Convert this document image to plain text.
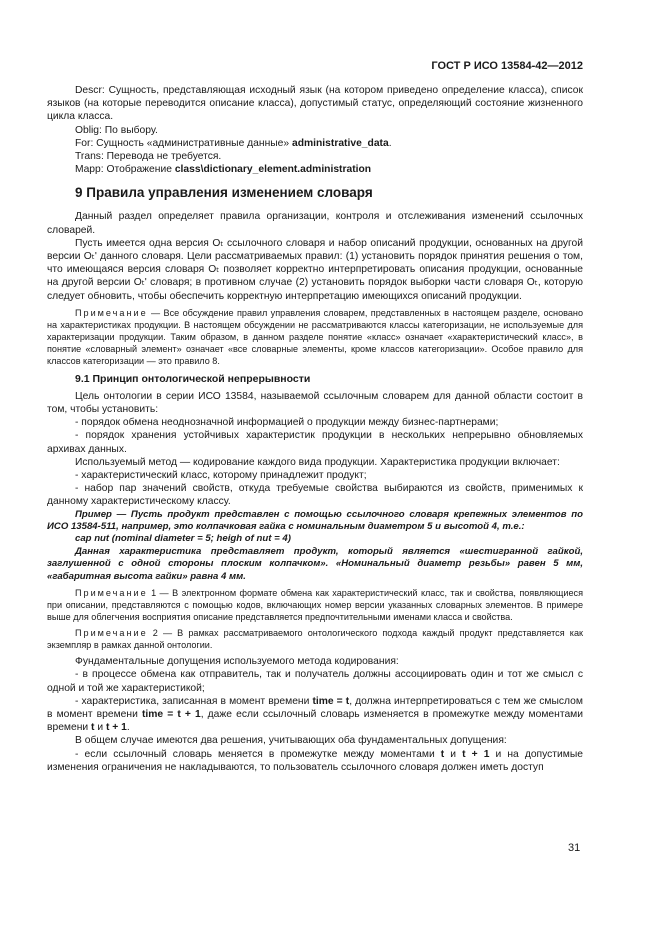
ГОСТ Р ИСО 13584-42—2012

Descr: Сущность, представляющая исходный язык (на котором приведено определение класса), список языков (на которые переводится описание класса), допустимый статус, определяющий состояние жизненного цикла класса.

Oblig: По выбору.

For: Сущность «административные данные» administrative_data.

Trans: Перевода не требуется.

Mapp: Отображение class\dictionary_element.administration

9 Правила управления изменением словаря

Данный раздел определяет правила организации, контроля и отслеживания изменений ссылочных словарей.

Пусть имеется одна версия Oₜ ссылочного словаря и набор описаний продукции, основанных на другой версии Oₜ' данного словаря. Цели рассматриваемых правил: (1) установить порядок принятия решения о том, что имеющаяся версия словаря Oₜ позволяет корректно интерпретировать описания продукции, основанные на другой версии Oₜ' словаря; в противном случае (2) установить порядок выборки части словаря Oₜ, которую следует обновить, чтобы обеспечить корректную интерпретацию имеющихся описаний продукции.

Примечание — Все обсуждение правил управления словарем, представленных в настоящем разделе, основано на характеристиках продукции. В настоящем обсуждении не рассматриваются классы категоризации, не используемые для характеризации продукции. Таким образом, в данном разделе понятие «класс» означает «характеристический класс», в понятие «словарный элемент» означает «все словарные элементы, кроме классов категоризации». Особое правило для классов категоризации — это правило 8.

9.1 Принцип онтологической непрерывности

Цель онтологии в серии ИСО 13584, называемой ссылочным словарем для данной области состоит в том, чтобы установить:

- порядок обмена неоднозначной информацией о продукции между бизнес-партнерами;

- порядок хранения устойчивых характеристик продукции в нескольких непрерывно обновляемых архивах данных.

Используемый метод — кодирование каждого вида продукции. Характеристика продукции включает:

- характеристический класс, которому принадлежит продукт;

- набор пар значений свойств, откуда требуемые свойства выбираются из свойств, применимых к данному характеристическому классу.

Пример — Пусть продукт представлен с помощью ссылочного словаря крепежных элементов по ИСО 13584-511, например, это колпачковая гайка с номинальным диаметром 5 и высотой 4, т.е.:

cap nut (nominal diameter = 5; heigh of nut = 4)

Данная характеристика представляет продукт, который является «шестигранной гайкой, заглушенной с одной стороны плоским колпачком». «Номинальный диаметр резьбы» равен 5 мм, «габаритная высота гайки» равна 4 мм.

Примечание 1 — В электронном формате обмена как характеристический класс, так и свойства, появляющиеся при описании, представляются с помощью кодов, включающих номер версии указанных словарных элементов. В примере выше для облегчения восприятия описание представляется предпочтительными именами класса и свойства.

Примечание 2 — В рамках рассматриваемого онтологического подхода каждый продукт представляется как экземпляр в рамках данной онтологии.

Фундаментальные допущения используемого метода кодирования:

- в процессе обмена как отправитель, так и получатель должны ассоциировать один и тот же смысл с одной и той же характеристикой;

- характеристика, записанная в момент времени time = t, должна интерпретироваться с тем же смыслом в момент времени time = t + 1, даже если ссылочный словарь изменяется в промежутке между моментами времени t и t + 1.

В общем случае имеются два решения, учитывающих оба фундаментальных допущения:

- если ссылочный словарь меняется в промежутке между моментами t и t + 1 и на допустимые изменения ограничения не накладываются, то пользователь ссылочного словаря должен иметь доступ

31
